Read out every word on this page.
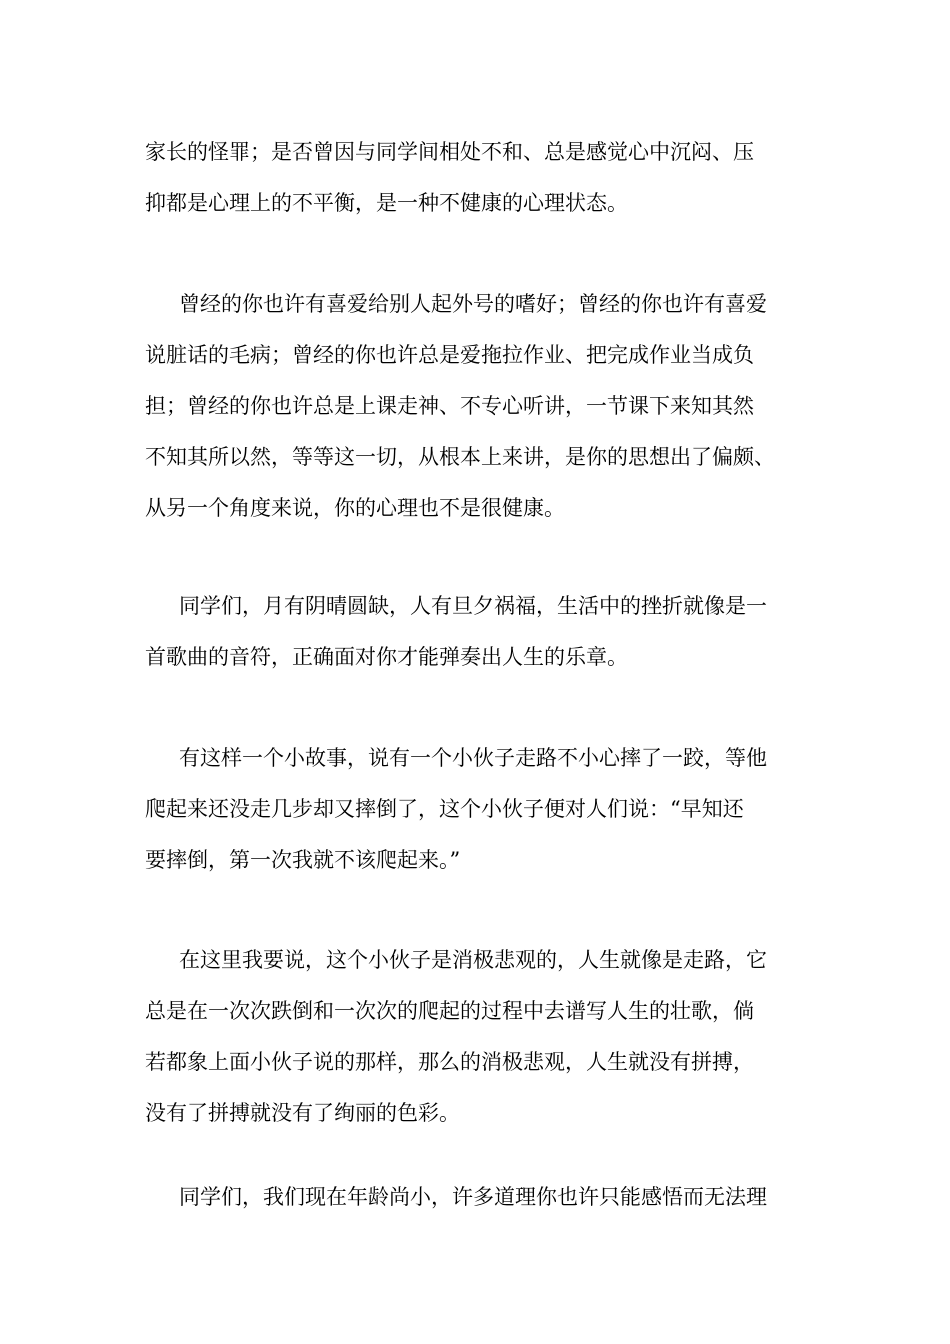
家长的怪罪；是否曾因与同学间相处不和、总是感觉心中沉闷、压
抑都是心理上的不平衡，是一种不健康的心理状态。
曾经的你也许有喜爱给别人起外号的嗜好；曾经的你也许有喜爱
说脏话的毛病；曾经的你也许总是爱拖拉作业、把完成作业当成负
担；曾经的你也许总是上课走神、不专心听讲，一节课下来知其然
不知其所以然，等等这一切，从根本上来讲，是你的思想出了偏颇、
从另一个角度来说，你的心理也不是很健康。
同学们，月有阴晴圆缺，人有旦夕祸福，生活中的挫折就像是一
首歌曲的音符，正确面对你才能弹奏出人生的乐章。
有这样一个小故事，说有一个小伙子走路不小心摔了一跤，等他
爬起来还没走几步却又摔倒了，这个小伙子便对人们说：“早知还
要摔倒，第一次我就不该爬起来。”
在这里我要说，这个小伙子是消极悲观的，人生就像是走路，它
总是在一次次跌倒和一次次的爬起的过程中去谱写人生的壮歌，倘
若都象上面小伙子说的那样，那么的消极悲观，人生就没有拼搏，
没有了拼搏就没有了绚丽的色彩。
同学们，我们现在年龄尚小，许多道理你也许只能感悟而无法理
